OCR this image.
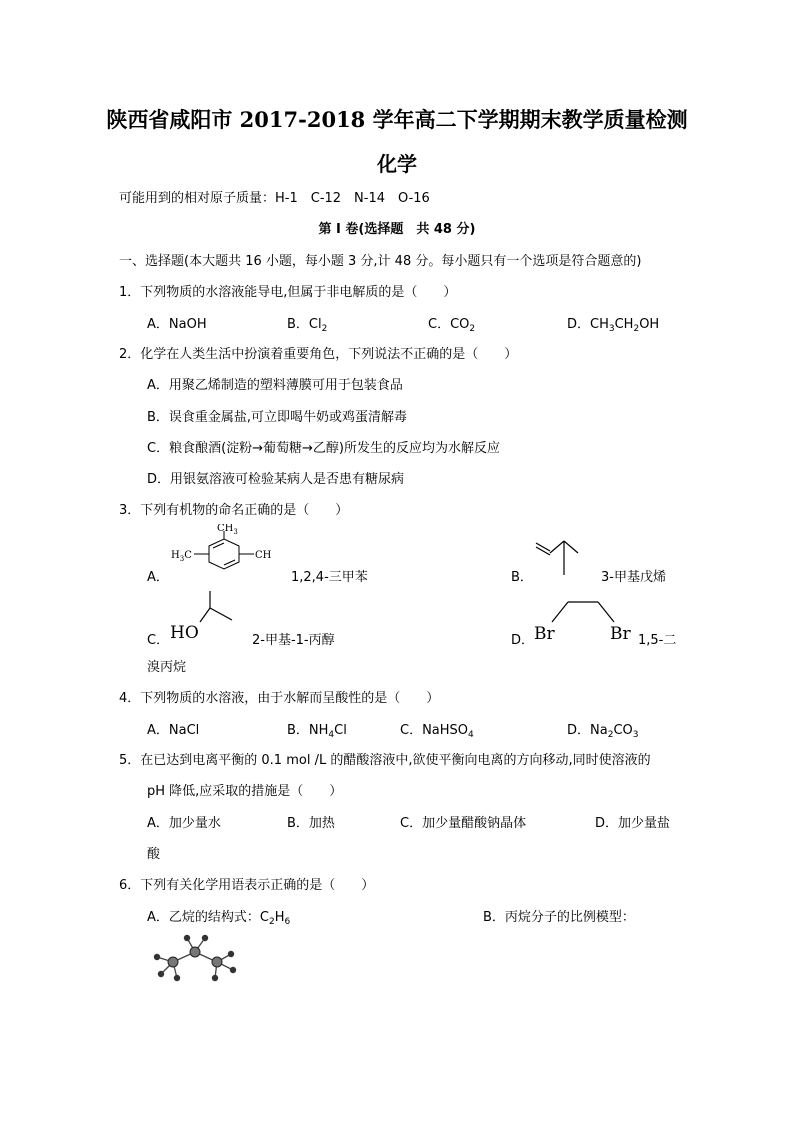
陕西省咸阳市 2017-2018 学年高二下学期期末教学质量检测
化学
可能用到的相对原子质量：H-1　C-12　N-14　O-16
第 I 卷(选择题　共 48 分)
一、选择题(本大题共 16 小题，每小题 3 分,计 48 分。每小题只有一个选项是符合题意的)
1．下列物质的水溶液能导电,但属于非电解质的是（　　）
A．NaOH	B．$Cl_2$	C．$CO_2$	D．$CH_3CH_2OH$
2．化学在人类生活中扮演着重要角色，下列说法不正确的是（　　）
A．用聚乙烯制造的塑料薄膜可用于包装食品
B．误食重金属盐,可立即喝牛奶或鸡蛋清解毒
C．粮食酿酒(淀粉→葡萄糖→乙醇)所发生的反应均为水解反应
D．用银氨溶液可检验某病人是否患有糖尿病
3．下列有机物的命名正确的是（　　）
A．
$CH_3$
$H_3C$	CH
1,2,4-三甲苯	B．	3-甲基戊烯
C． HO	2-甲基-1-丙醇	D． Br	Br 1,5-二
溴丙烷
4．下列物质的水溶液，由于水解而呈酸性的是（　　）
A．NaCl	B．$NH_4Cl$	C．NaHSO$_4$	D．$Na_2CO_3$
5．在已达到电离平衡的 0.1 mol /L 的醋酸溶液中,欲使平衡向电离的方向移动,同时使溶液的
pH 降低,应采取的措施是（　　）
A．加少量水	B．加热	C．加少量醋酸钠晶体	D．加少量盐
酸
6．下列有关化学用语表示正确的是（　　）
A．乙烷的结构式：$C_2H_6$	B．丙烷分子的比例模型：
